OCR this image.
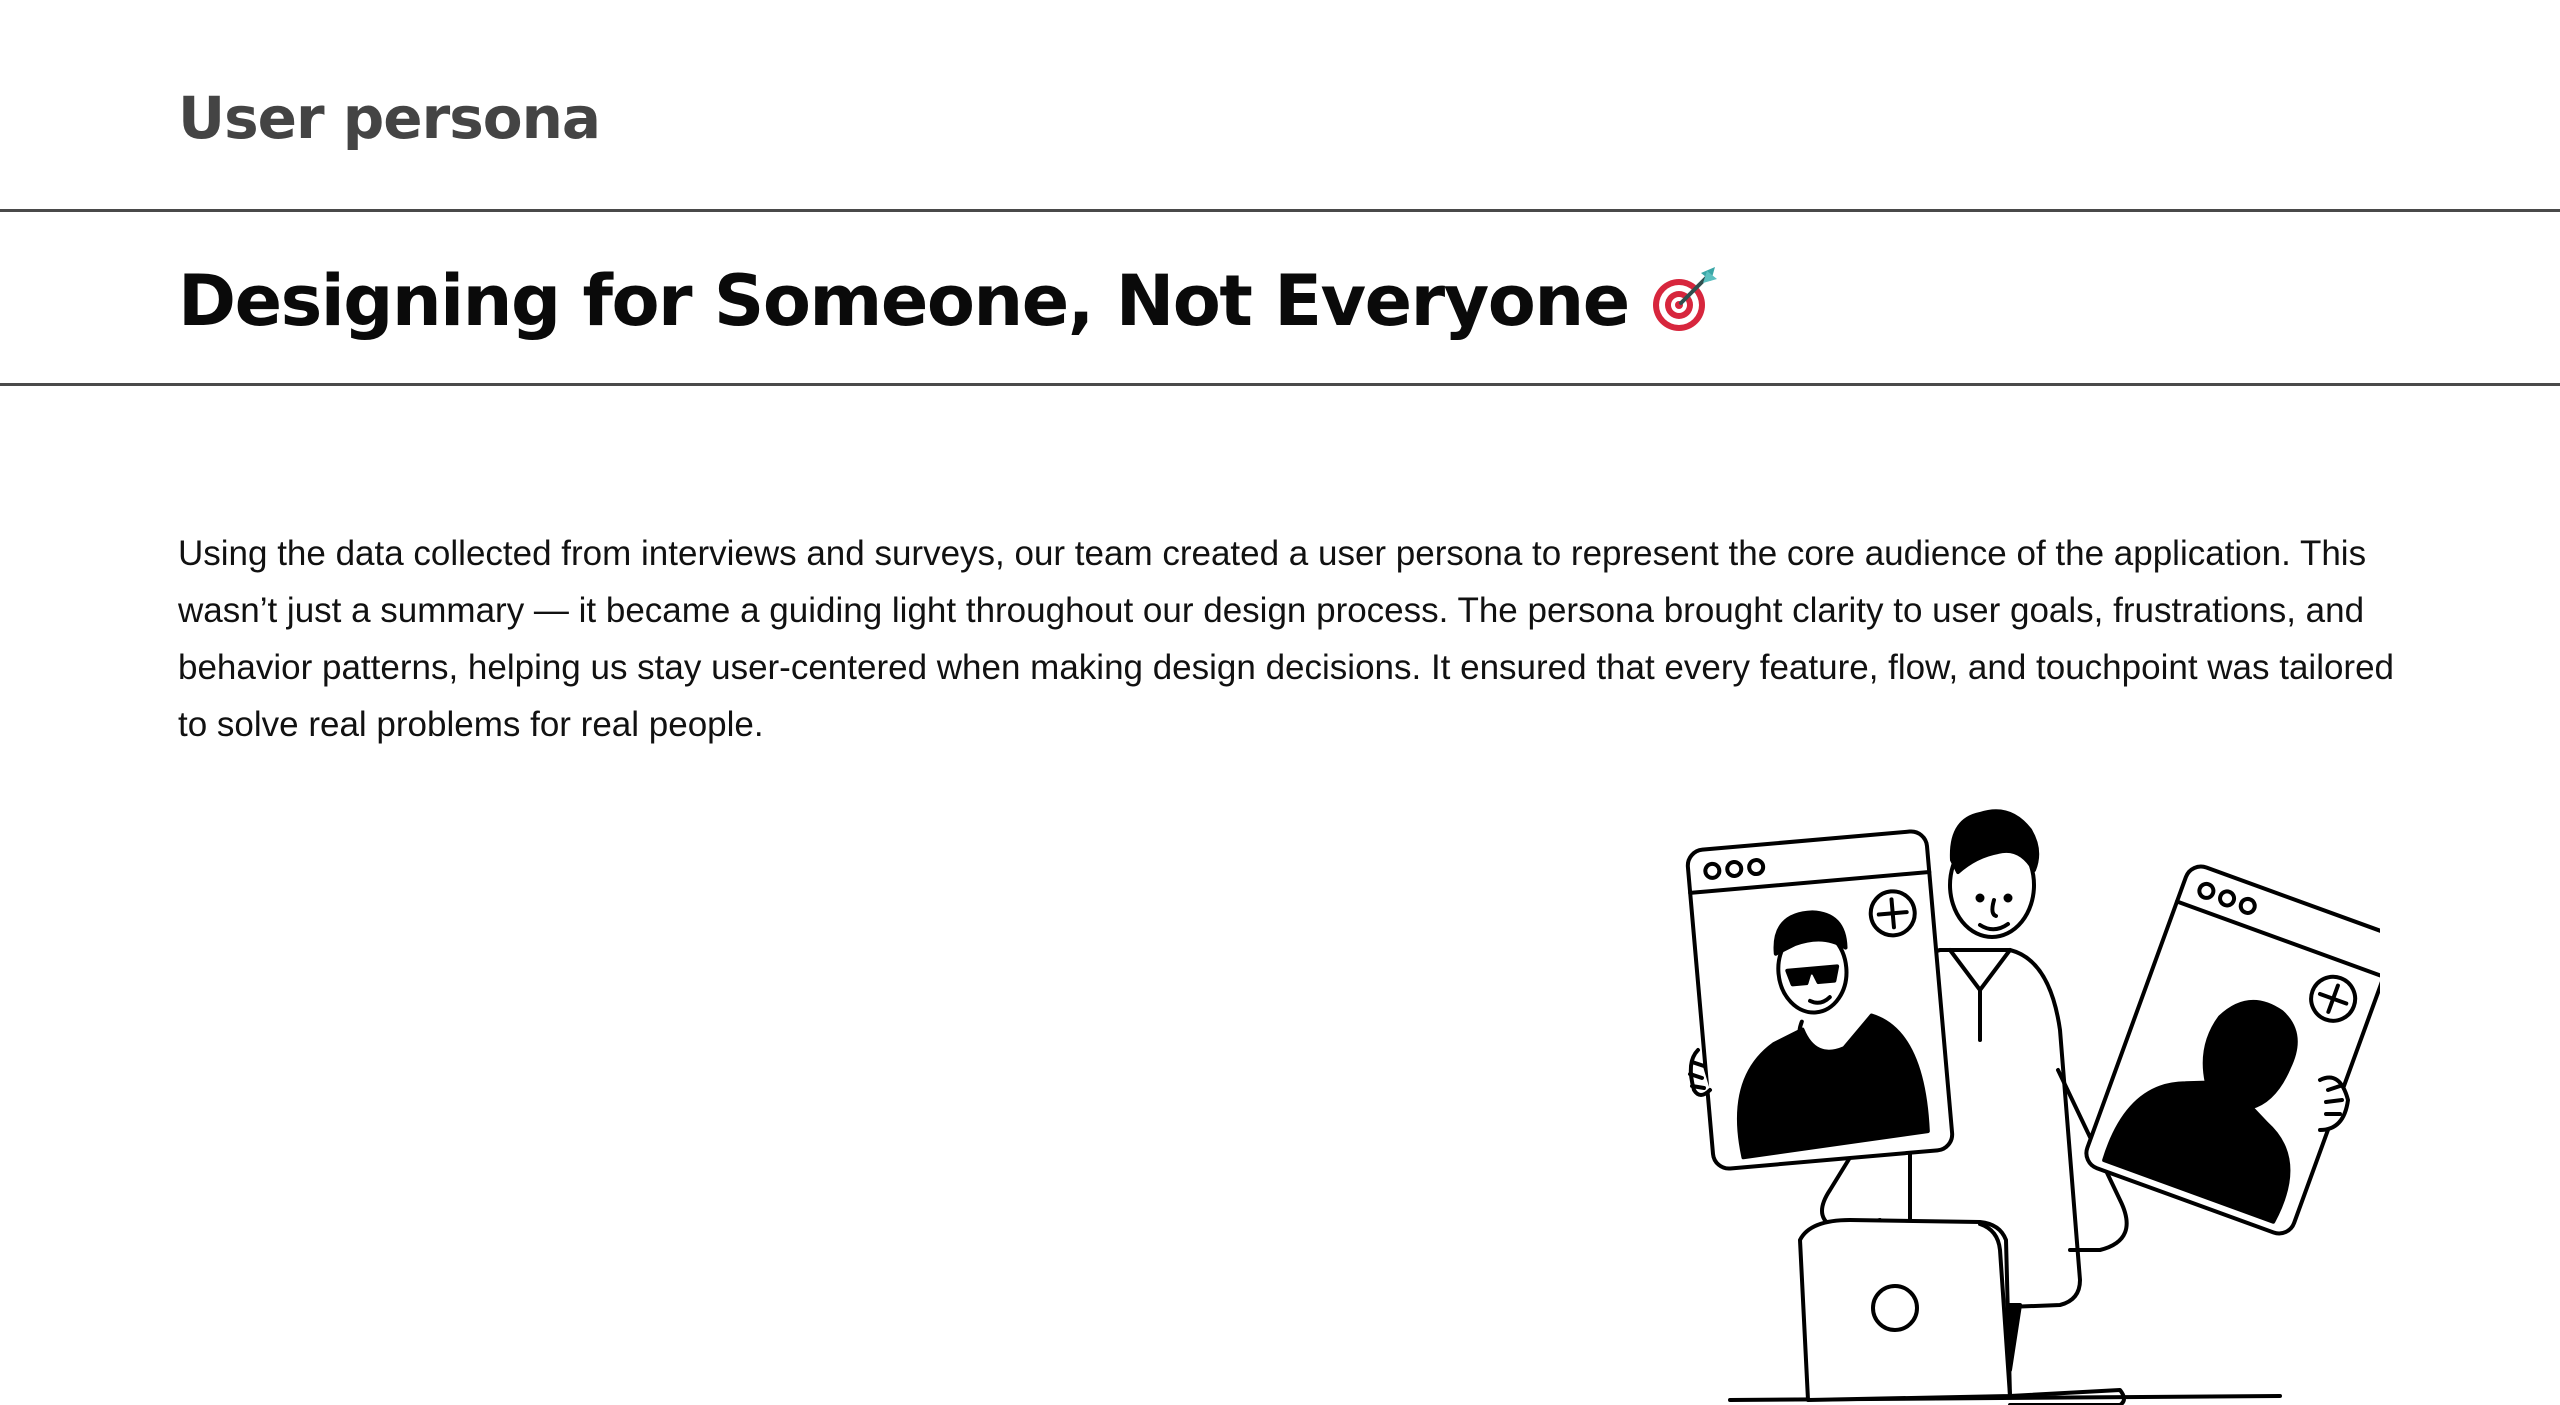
User persona
Designing for Someone, Not Everyone

Using the data collected from interviews and surveys, our team created a user persona to represent the core audience of the application. This wasn’t just a summary — it became a guiding light throughout our design process. The persona brought clarity to user goals, frustrations, and behavior patterns, helping us stay user-centered when making design decisions. It ensured that every feature, flow, and touchpoint was tailored to solve real problems for real people.
